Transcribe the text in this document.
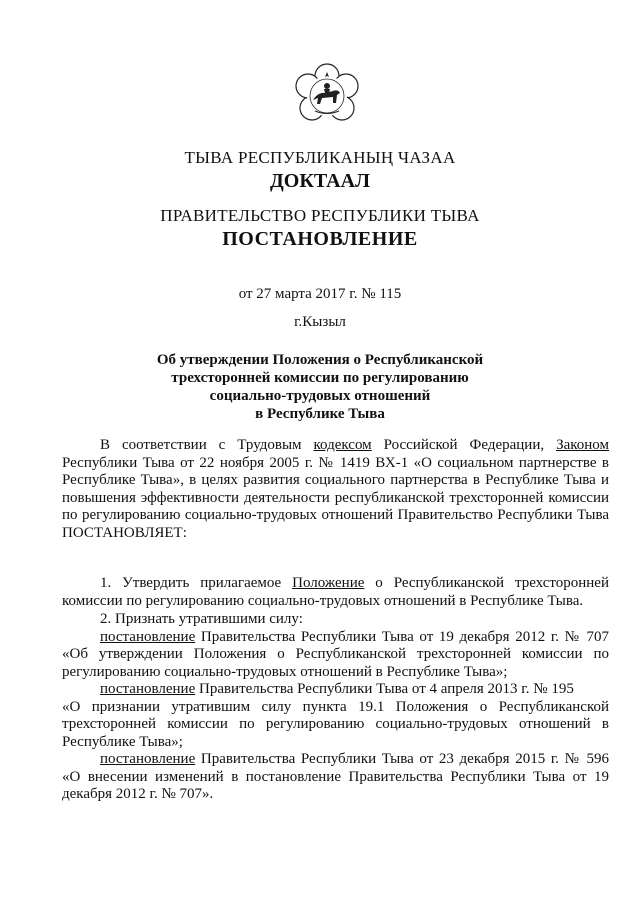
ТЫВА РЕСПУБЛИКАНЫҢ ЧАЗАА
ДОКТААЛ
ПРАВИТЕЛЬСТВО РЕСПУБЛИКИ ТЫВА
ПОСТАНОВЛЕНИЕ
от 27 марта 2017 г. № 115
г.Кызыл
Об утверждении Положения о Республиканской
трехсторонней комиссии по регулированию
социально-трудовых отношений
в Республике Тыва
В соответствии с Трудовым кодексом Российской Федерации, Законом
Республики Тыва от 22 ноября 2005 г. № 1419 ВХ-1 «О социальном партнерстве в
Республике Тыва», в целях развития социального партнерства в Республике Тыва и
повышения эффективности деятельности республиканской трехсторонней комиссии
по регулированию социально-трудовых отношений Правительство Республики Тыва
ПОСТАНОВЛЯЕТ:
1. Утвердить прилагаемое Положение о Республиканской трехсторонней
комиссии по регулированию социально-трудовых отношений в Республике Тыва.
2. Признать утратившими силу:
постановление Правительства Республики Тыва от 19 декабря 2012 г. № 707
«Об утверждении Положения о Республиканской трехсторонней комиссии по
регулированию социально-трудовых отношений в Республике Тыва»;
постановление Правительства Республики Тыва от 4 апреля 2013 г. № 195
«О признании утратившим силу пункта 19.1 Положения о Республиканской
трехсторонней комиссии по регулированию социально-трудовых отношений в
Республике Тыва»;
постановление Правительства Республики Тыва от 23 декабря 2015 г. № 596
«О внесении изменений в постановление Правительства Республики Тыва от 19
декабря 2012 г. № 707».
